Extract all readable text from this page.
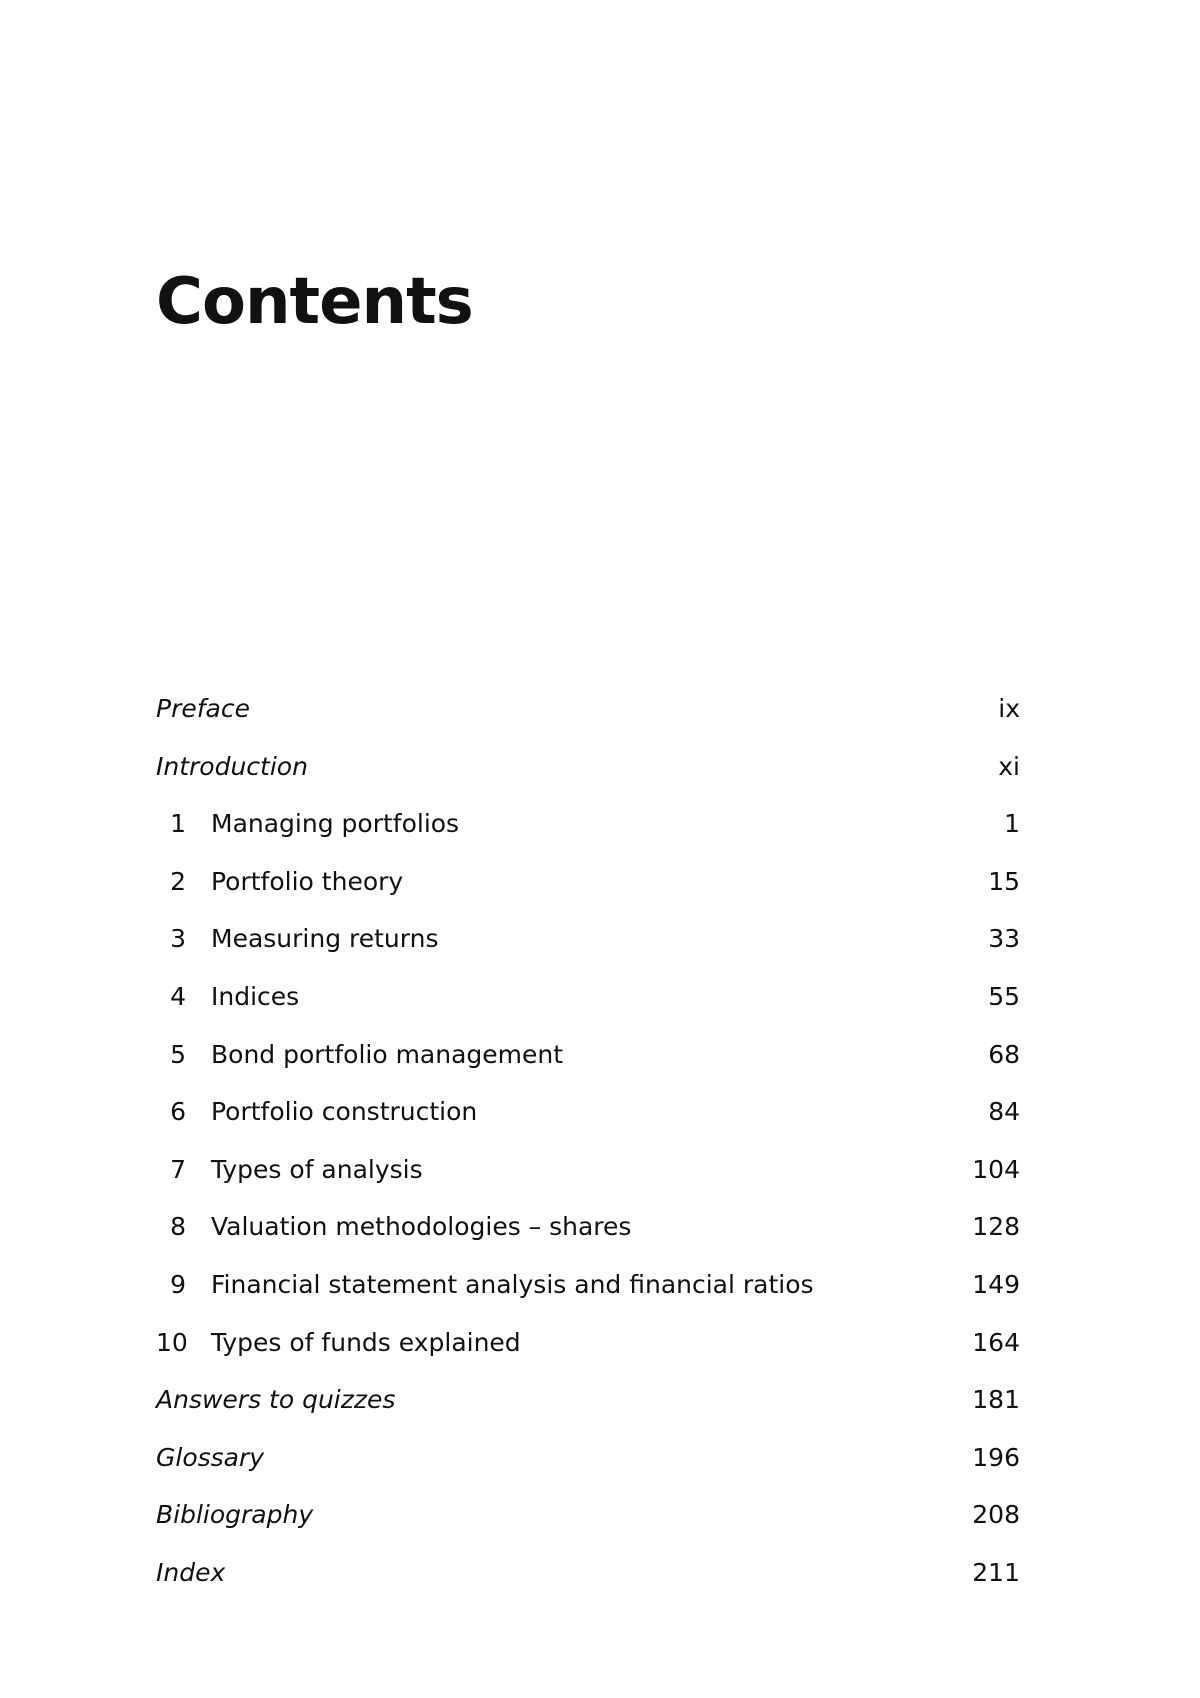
Contents
Preface	ix
Introduction	xi
1 Managing portfolios	1
2 Portfolio theory	15
3 Measuring returns	33
4 Indices	55
5 Bond portfolio management	68
6 Portfolio construction	84
7 Types of analysis	104
8 Valuation methodologies – shares	128
9 Financial statement analysis and financial ratios	149
10 Types of funds explained	164
Answers to quizzes	181
Glossary	196
Bibliography	208
Index	211
